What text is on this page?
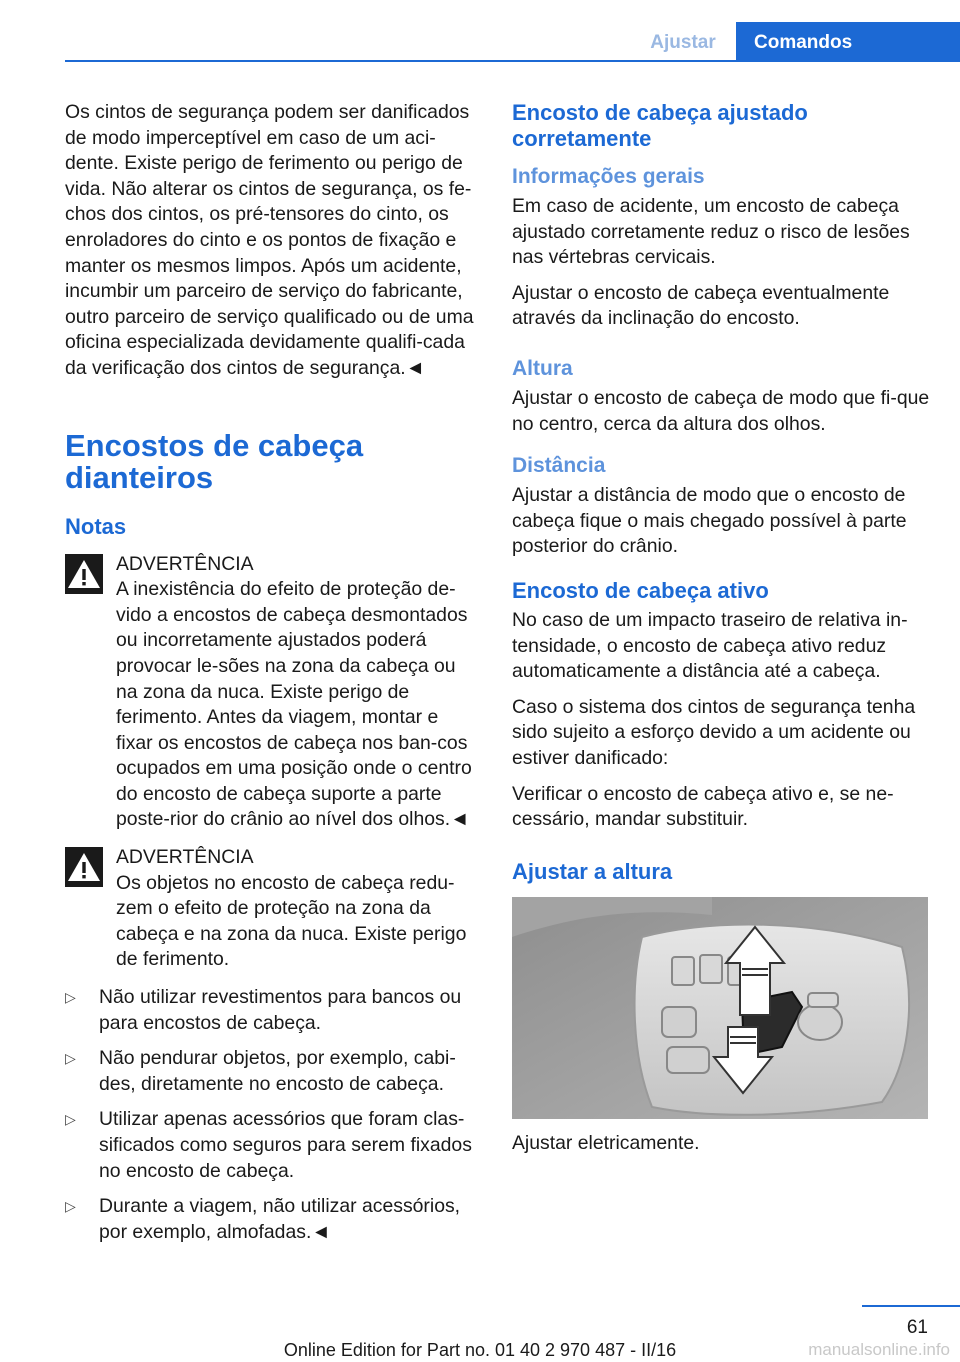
Ajustar	Comandos

Os cintos de segurança podem ser danificados de modo imperceptível em caso de um aci-dente. Existe perigo de ferimento ou perigo de vida. Não alterar os cintos de segurança, os fe-chos dos cintos, os pré-tensores do cinto, os enroladores do cinto e os pontos de fixação e manter os mesmos limpos. Após um acidente, incumbir um parceiro de serviço do fabricante, outro parceiro de serviço qualificado ou de uma oficina especializada devidamente qualifi-cada da verificação dos cintos de segurança.◄

Encostos de cabeça dianteiros
Notas
ADVERTÊNCIA
A inexistência do efeito de proteção de-vido a encostos de cabeça desmontados ou incorretamente ajustados poderá provocar le-sões na zona da cabeça ou na zona da nuca. Existe perigo de ferimento. Antes da viagem, montar e fixar os encostos de cabeça nos ban-cos ocupados em uma posição onde o centro do encosto de cabeça suporte a parte poste-rior do crânio ao nível dos olhos.◄
ADVERTÊNCIA
Os objetos no encosto de cabeça redu-zem o efeito de proteção na zona da cabeça e na zona da nuca. Existe perigo de ferimento.
▷ Não utilizar revestimentos para bancos ou para encostos de cabeça.
▷ Não pendurar objetos, por exemplo, cabi-des, diretamente no encosto de cabeça.
▷ Utilizar apenas acessórios que foram clas-sificados como seguros para serem fixados no encosto de cabeça.
▷ Durante a viagem, não utilizar acessórios, por exemplo, almofadas.◄
Encosto de cabeça ajustado corretamente
Informações gerais

Em caso de acidente, um encosto de cabeça ajustado corretamente reduz o risco de lesões nas vértebras cervicais.

Ajustar o encosto de cabeça eventualmente através da inclinação do encosto.

Altura

Ajustar o encosto de cabeça de modo que fi-que no centro, cerca da altura dos olhos.

Distância

Ajustar a distância de modo que o encosto de cabeça fique o mais chegado possível à parte posterior do crânio.

Encosto de cabeça ativo

No caso de um impacto traseiro de relativa in-tensidade, o encosto de cabeça ativo reduz automaticamente a distância até a cabeça.

Caso o sistema dos cintos de segurança tenha sido sujeito a esforço devido a um acidente ou estiver danificado:

Verificar o encosto de cabeça ativo e, se ne-cessário, mandar substituir.

Ajustar a altura

Ajustar eletricamente.

61
Online Edition for Part no. 01 40 2 970 487 - II/16	manualsonline.info
